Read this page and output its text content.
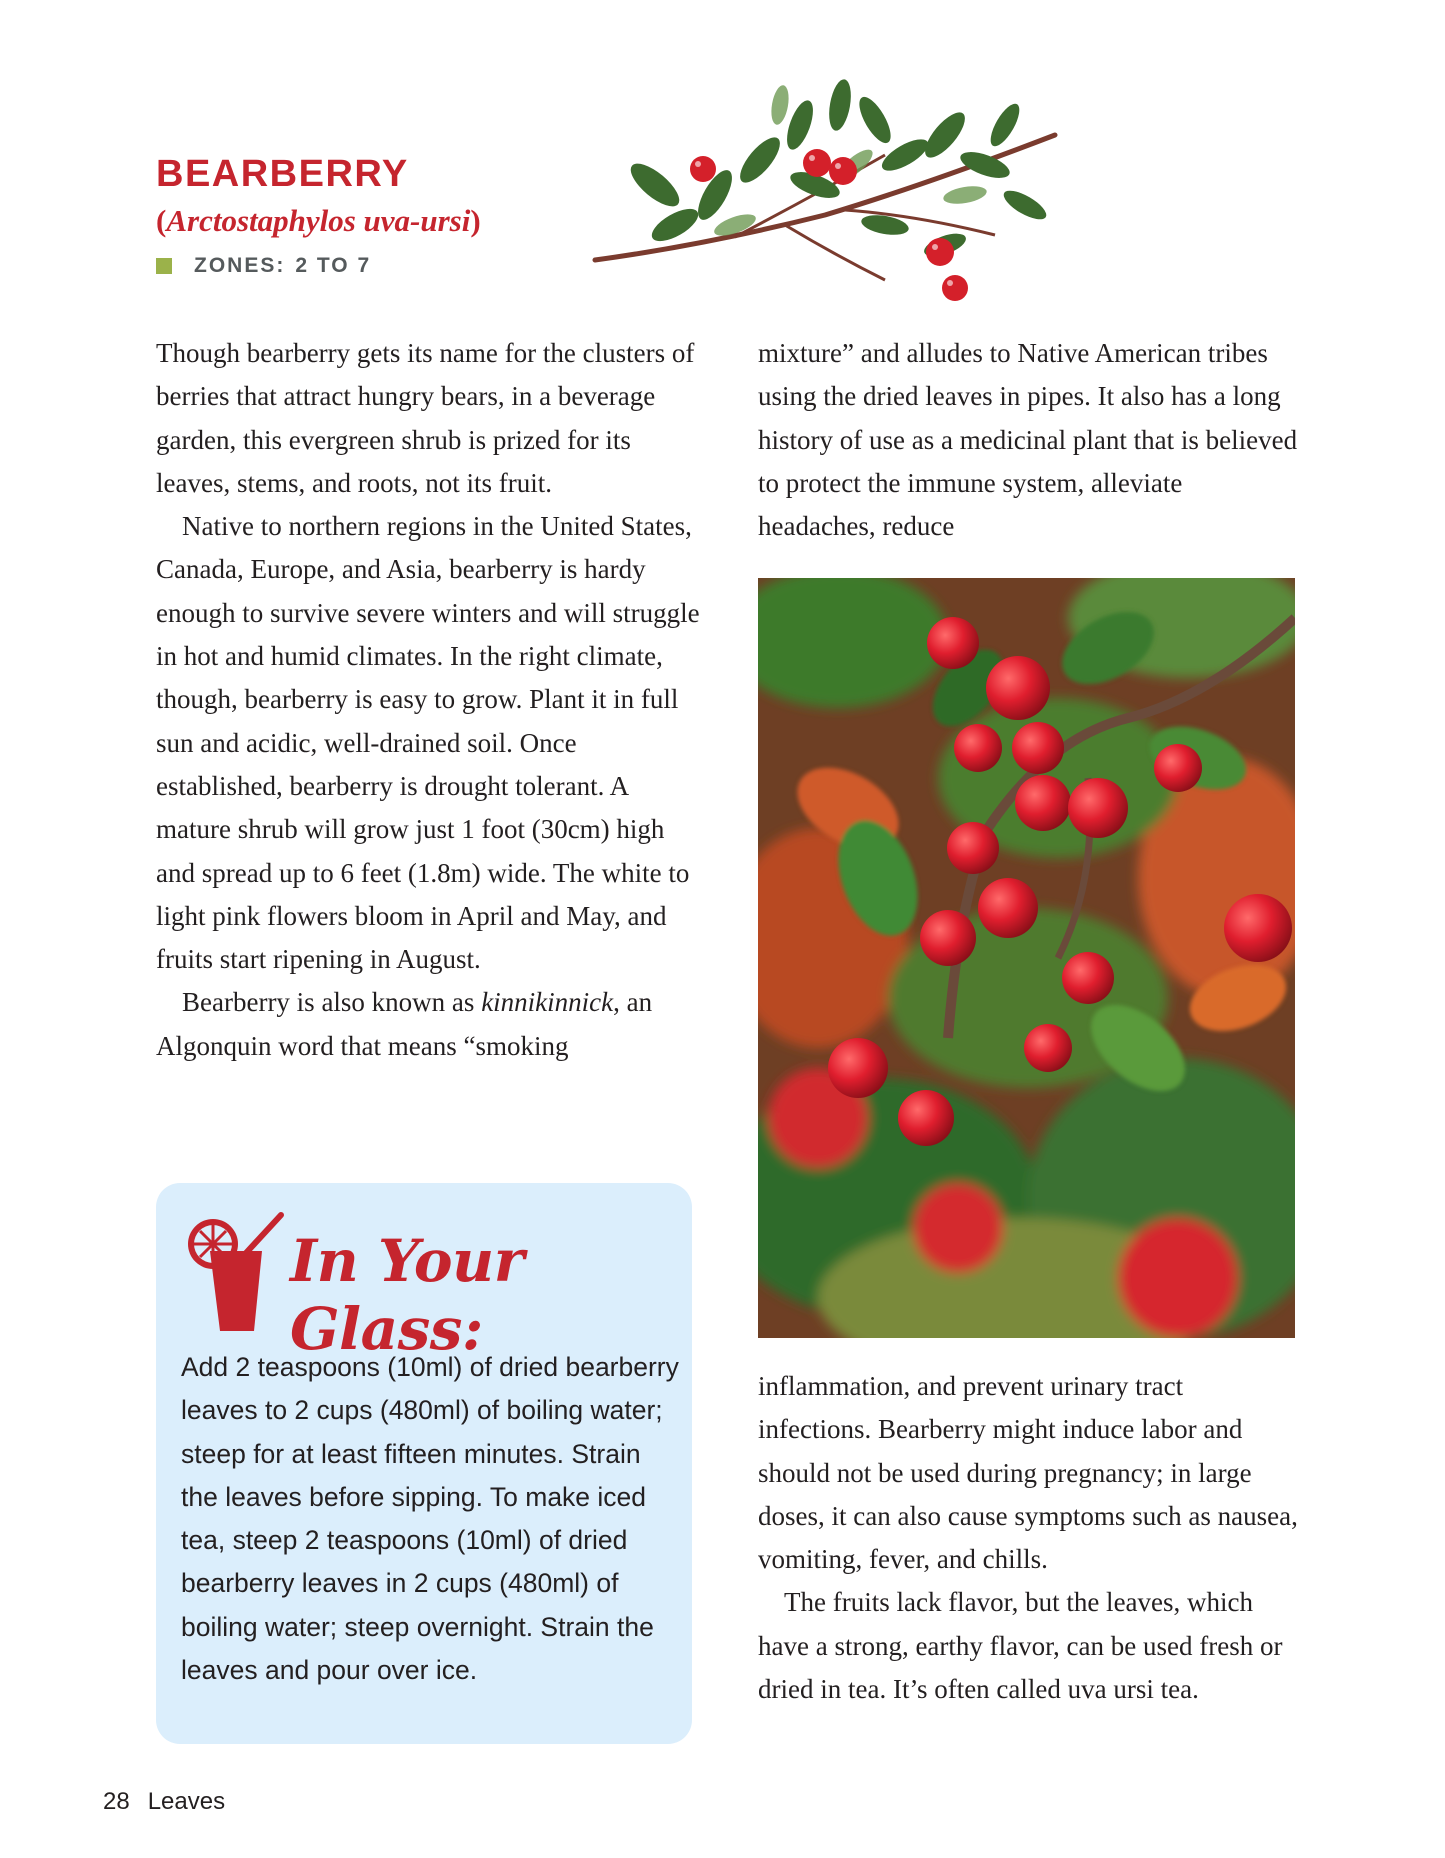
BEARBERRY
(Arctostaphylos uva-ursi)
ZONES: 2 TO 7

Though bearberry gets its name for the clusters of berries that attract hungry bears, in a beverage garden, this evergreen shrub is prized for its leaves, stems, and roots, not its fruit.

Native to northern regions in the United States, Canada, Europe, and Asia, bearberry is hardy enough to survive severe winters and will struggle in hot and humid climates. In the right climate, though, bearberry is easy to grow. Plant it in full sun and acidic, well-drained soil. Once established, bearberry is drought tolerant. A mature shrub will grow just 1 foot (30cm) high and spread up to 6 feet (1.8m) wide. The white to light pink flowers bloom in April and May, and fruits start ripening in August.

Bearberry is also known as kinnikinnick, an Algonquin word that means “smoking

mixture” and alludes to Native American tribes using the dried leaves in pipes. It also has a long history of use as a medicinal plant that is believed to protect the immune system, alleviate headaches, reduce

inflammation, and prevent urinary tract infections. Bearberry might induce labor and should not be used during pregnancy; in large doses, it can also cause symptoms such as nausea, vomiting, fever, and chills.

The fruits lack flavor, but the leaves, which have a strong, earthy flavor, can be used fresh or dried in tea. It’s often called uva ursi tea.

In Your Glass:

Add 2 teaspoons (10ml) of dried bearberry leaves to 2 cups (480ml) of boiling water; steep for at least fifteen minutes. Strain the leaves before sipping. To make iced tea, steep 2 teaspoons (10ml) of dried bearberry leaves in 2 cups (480ml) of boiling water; steep overnight. Strain the leaves and pour over ice.

28 Leaves
